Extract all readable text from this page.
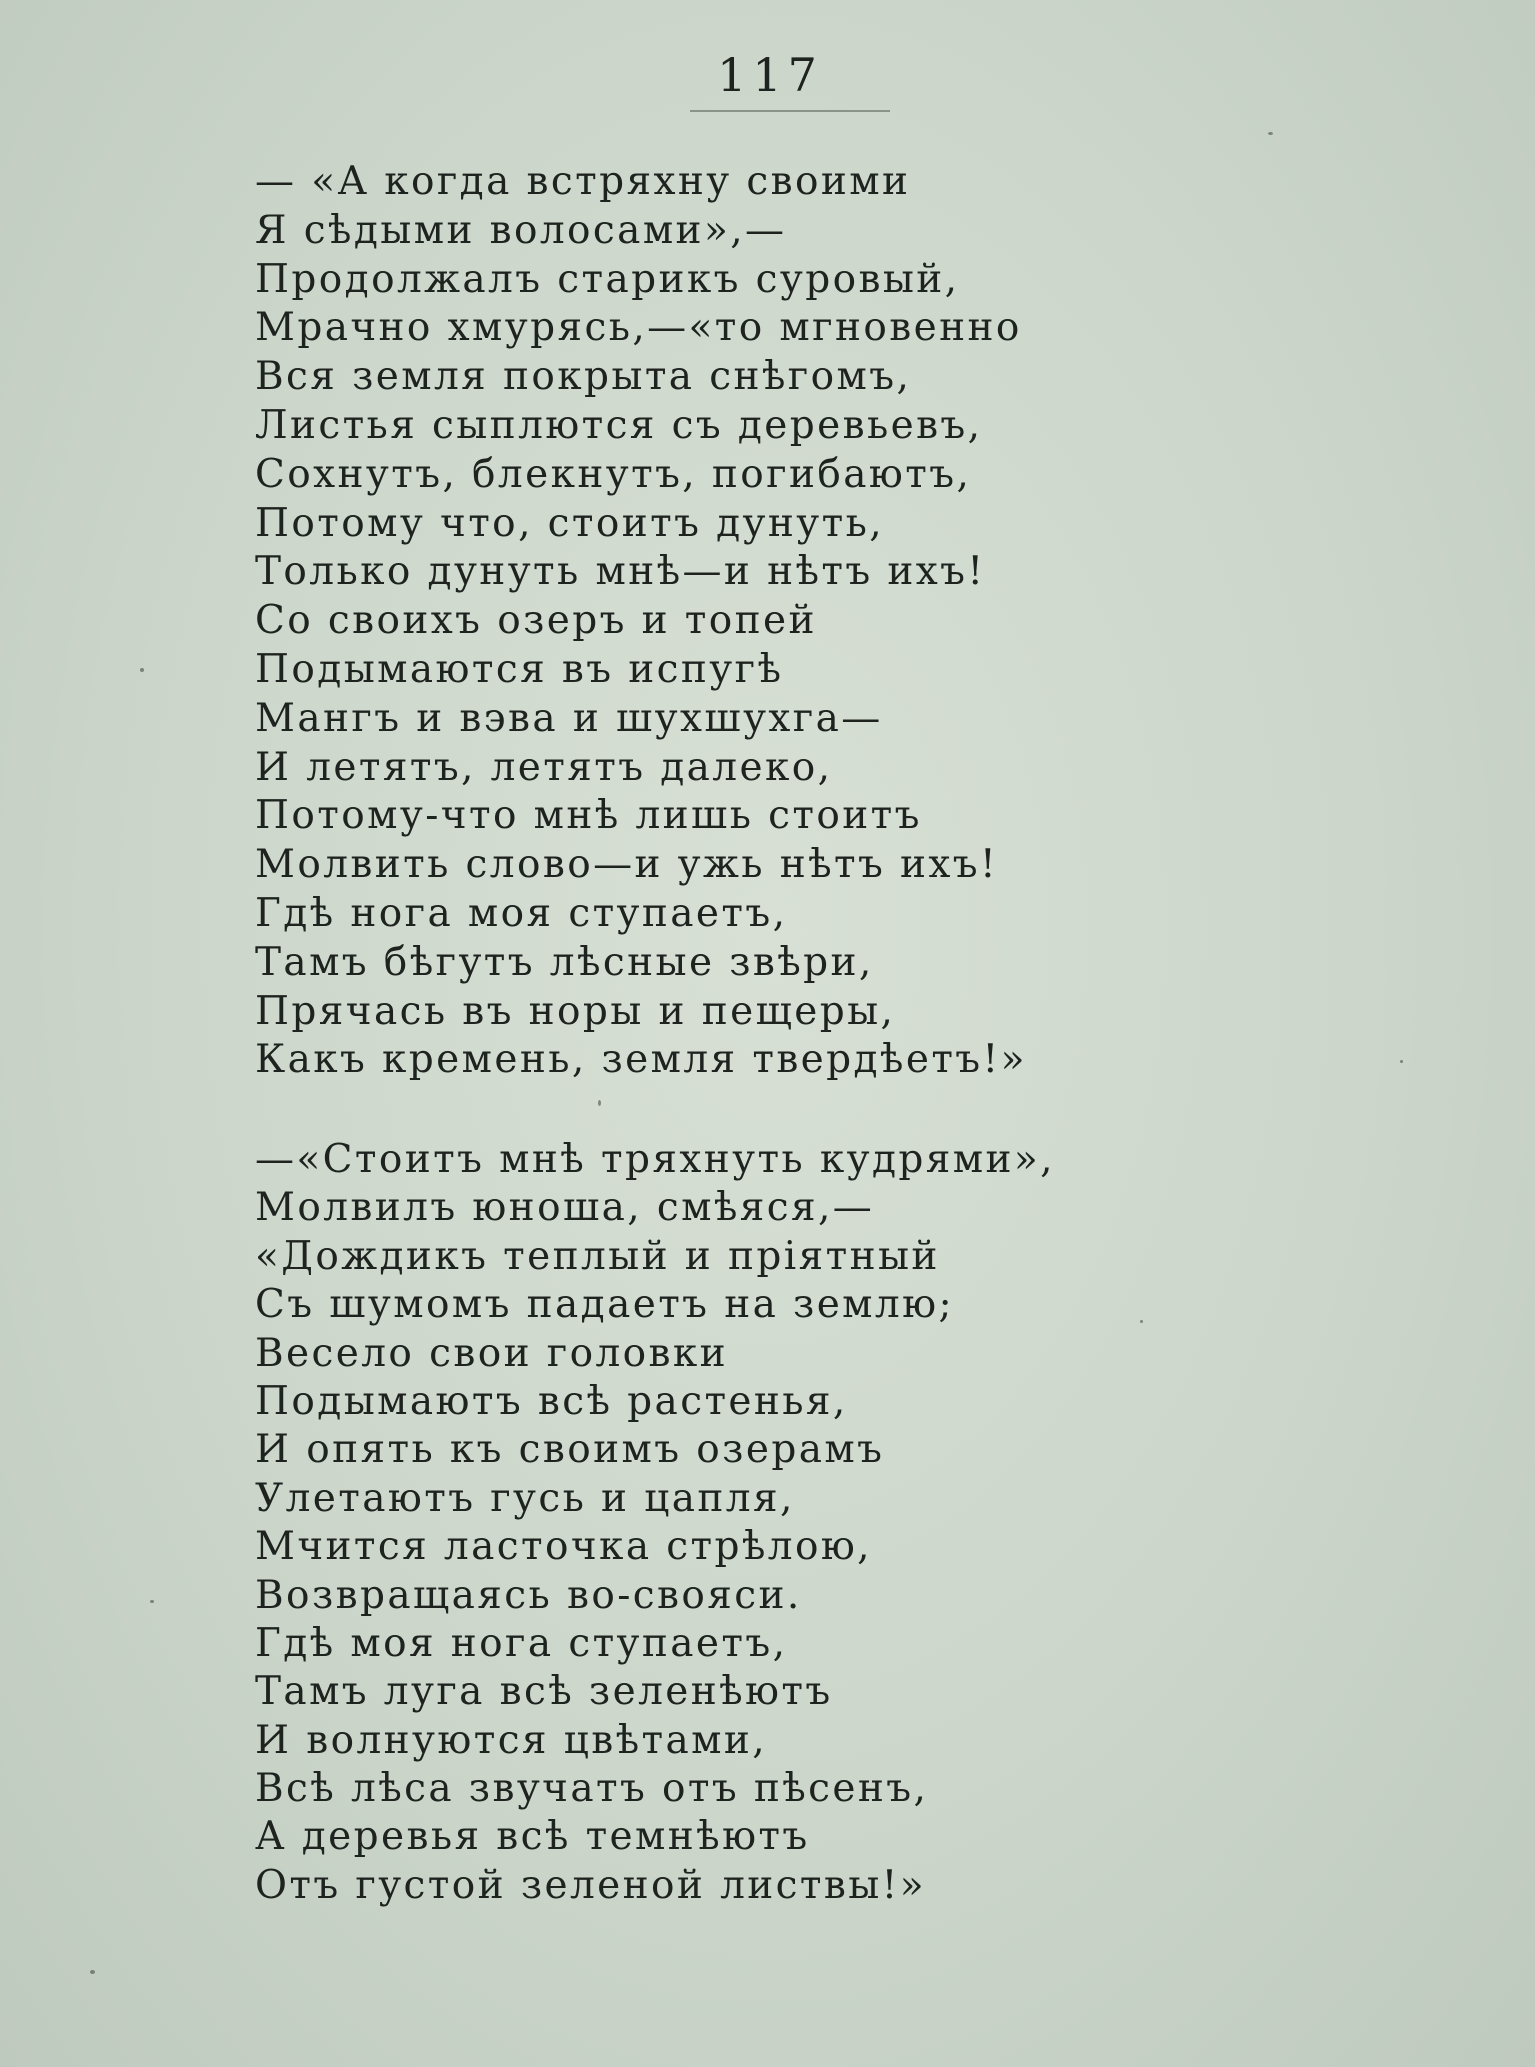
117
— «А когда встряхну своими
Я сѣдыми волосами»,—
Продолжалъ старикъ суровый,
Мрачно хмурясь,—«то мгновенно
Вся земля покрыта снѣгомъ,
Листья сыплются съ деревьевъ,
Сохнутъ, блекнутъ, погибаютъ,
Потому что, стоитъ дунуть,
Только дунуть мнѣ—и нѣтъ ихъ!
Со своихъ озеръ и топей
Подымаются въ испугѣ
Мангъ и вэва и шухшухга—
И летятъ, летятъ далеко,
Потому-что мнѣ лишь стоитъ
Молвить слово—и ужь нѣтъ ихъ!
Гдѣ нога моя ступаетъ,
Тамъ бѣгутъ лѣсные звѣри,
Прячась въ норы и пещеры,
Какъ кремень, земля твердѣетъ!»
—«Стоитъ мнѣ тряхнуть кудрями»,
Молвилъ юноша, смѣяся,—
«Дождикъ теплый и прiятный
Съ шумомъ падаетъ на землю;
Весело свои головки
Подымаютъ всѣ растенья,
И опять къ своимъ озерамъ
Улетаютъ гусь и цапля,
Мчится ласточка стрѣлою,
Возвращаясь во-свояси.
Гдѣ моя нога ступаетъ,
Тамъ луга всѣ зеленѣютъ
И волнуются цвѣтами,
Всѣ лѣса звучатъ отъ пѣсенъ,
А деревья всѣ темнѣютъ
Отъ густой зеленой листвы!»
